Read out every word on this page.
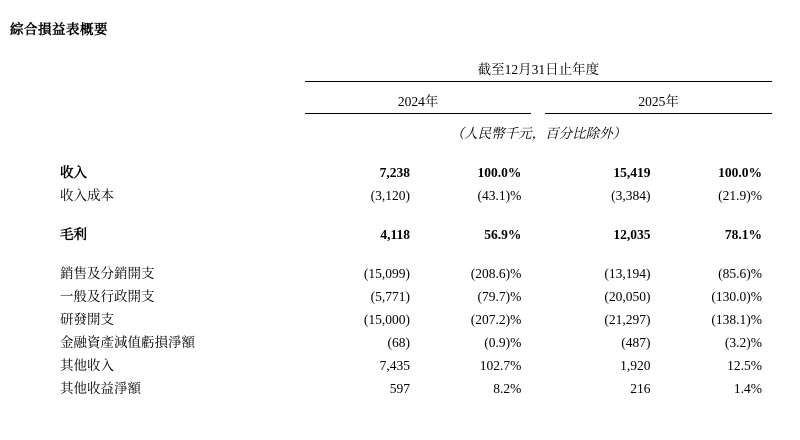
綜合損益表概要
	截至12月31日止年度				
	2024年			2025年	
	（人民幣千元，百分比除外）				

收入	7,238	100.0%		15,419	100.0%
收入成本	(3,120)	(43.1)%		(3,384)	(21.9)%

毛利	4,118	56.9%		12,035	78.1%

銷售及分銷開支	(15,099)	(208.6)%		(13,194)	(85.6)%
一般及行政開支	(5,771)	(79.7)%		(20,050)	(130.0)%
研發開支	(15,000)	(207.2)%		(21,297)	(138.1)%
金融資產減值虧損淨額	(68)	(0.9)%		(487)	(3.2)%
其他收入	7,435	102.7%		1,920	12.5%
其他收益淨額	597	8.2%		216	1.4%
